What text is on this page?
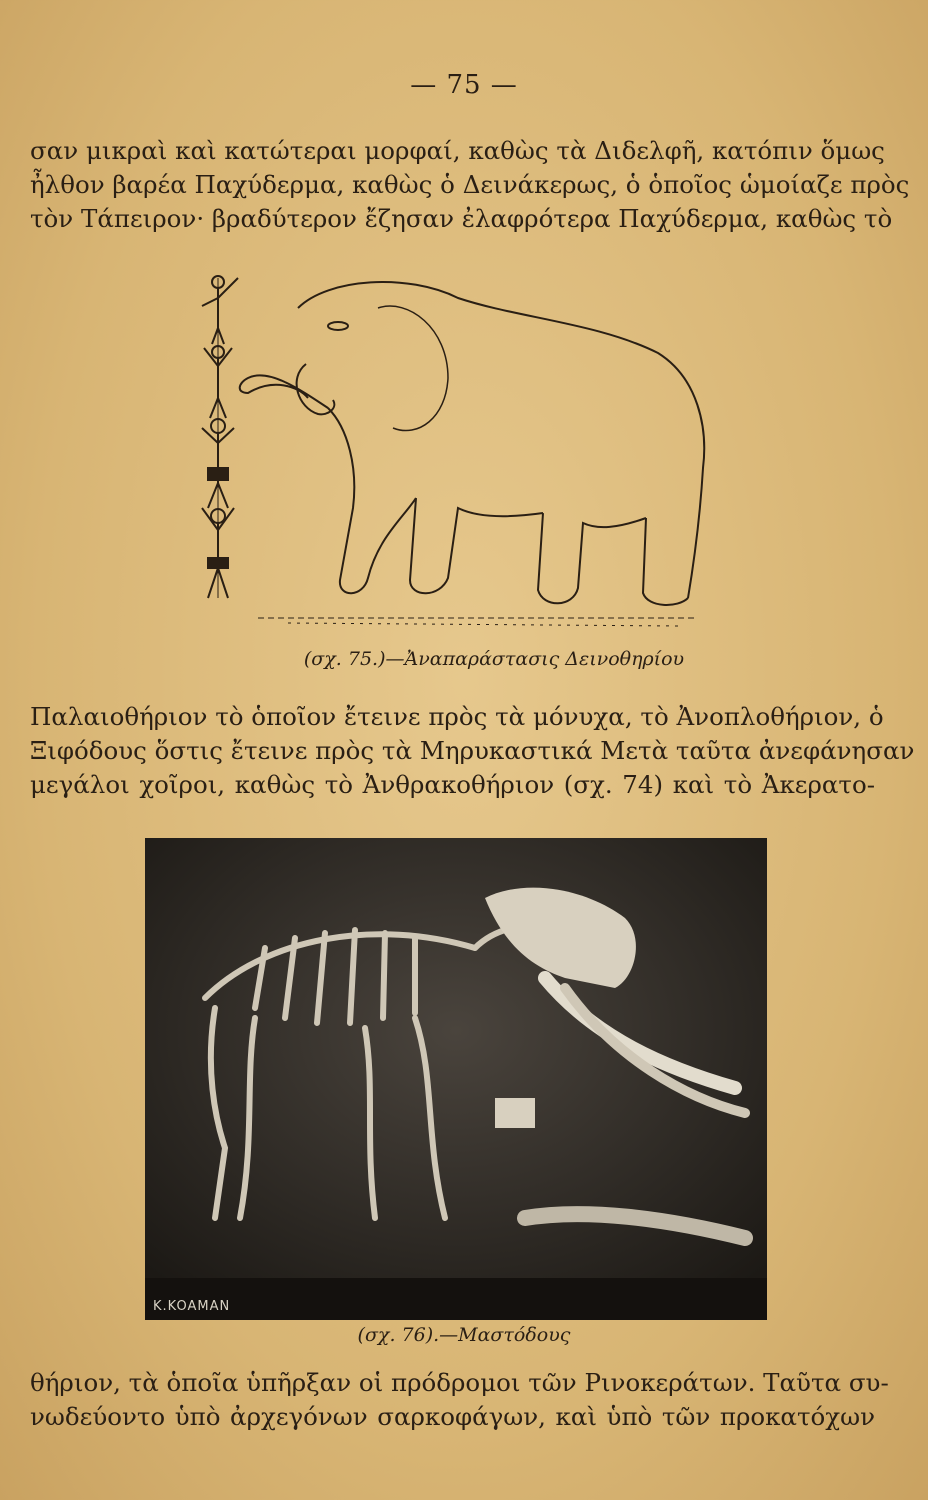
— 75 —

σαν μικραὶ καὶ κατώτεραι μορφαί, καθὼς τὰ Διδελφῆ, κατόπιν ὅμως
ἦλθον βαρέα Παχύδερμα, καθὼς ὁ Δεινάκερως, ὁ ὁποῖος ὡμοίαζε πρὸς
τὸν Τάπειρον· βραδύτερον ἔζησαν ἐλαφρότερα Παχύδερμα, καθὼς τὸ

(σχ. 75.)—Ἀναπαράστασις Δεινοθηρίου

Παλαιοθήριον τὸ ὁποῖον ἔτεινε πρὸς τὰ μόνυχα, τὸ Ἀνοπλοθήριον, ὁ
Ξιφόδους ὅστις ἔτεινε πρὸς τὰ Μηρυκαστικά Μετὰ ταῦτα ἀνεφάνησαν
μεγάλοι χοῖροι, καθὼς τὸ Ἀνθρακοθήριον (σχ. 74) καὶ τὸ Ἀκερατο-

K.KOAMAN
(σχ. 76).—Μαστόδους

θήριον, τὰ ὁποῖα ὑπῆρξαν οἱ πρόδρομοι τῶν Ρινοκεράτων. Ταῦτα συ-
νωδεύοντο ὑπὸ ἀρχεγόνων σαρκοφάγων, καὶ ὑπὸ τῶν προκατόχων
